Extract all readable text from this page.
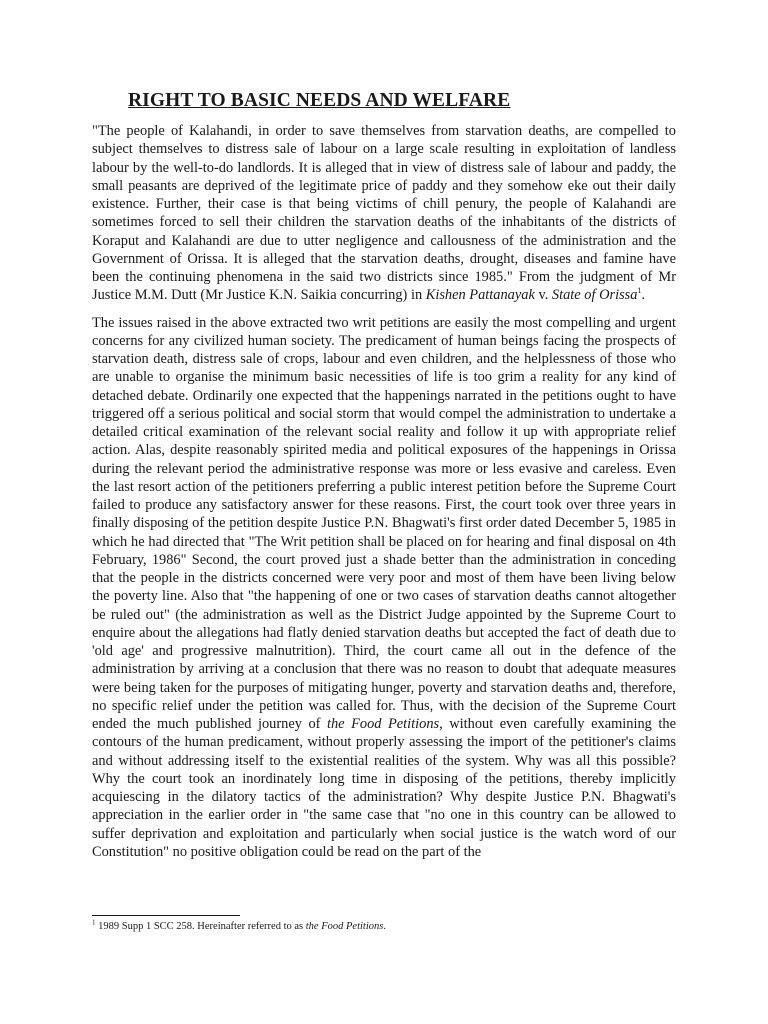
RIGHT TO BASIC NEEDS AND WELFARE

"The people of Kalahandi, in order to save themselves from starvation deaths, are compelled to subject themselves to distress sale of labour on a large scale resulting in exploitation of landless labour by the well-to-do landlords. It is alleged that in view of distress sale of labour and paddy, the small peasants are deprived of the legitimate price of paddy and they somehow eke out their daily existence. Further, their case is that being victims of chill penury, the people of Kalahandi are sometimes forced to sell their children the starvation deaths of the inhabitants of the districts of Koraput and Kalahandi are due to utter negligence and callousness of the administration and the Government of Orissa. It is alleged that the starvation deaths, drought, diseases and famine have been the continuing phenomena in the said two districts since 1985." From the judgment of Mr Justice M.M. Dutt (Mr Justice K.N. Saikia concurring) in Kishen Pattanayak v. State of Orissa$^1$.

The issues raised in the above extracted two writ petitions are easily the most compelling and urgent concerns for any civilized human society. The predicament of human beings facing the prospects of starvation death, distress sale of crops, labour and even children, and the helplessness of those who are unable to organise the minimum basic necessities of life is too grim a reality for any kind of detached debate. Ordinarily one expected that the happenings narrated in the petitions ought to have triggered off a serious political and social storm that would compel the administration to undertake a detailed critical examination of the relevant social reality and follow it up with appropriate relief action. Alas, despite reasonably spirited media and political exposures of the happenings in Orissa during the relevant period the administrative response was more or less evasive and careless. Even the last resort action of the petitioners preferring a public interest petition before the Supreme Court failed to produce any satisfactory answer for these reasons. First, the court took over three years in finally disposing of the petition despite Justice P.N. Bhagwati's first order dated December 5, 1985 in which he had directed that "The Writ petition shall be placed on for hearing and final disposal on 4th February, 1986" Second, the court proved just a shade better than the administration in conceding that the people in the districts concerned were very poor and most of them have been living below the poverty line. Also that "the happening of one or two cases of starvation deaths cannot altogether be ruled out" (the administration as well as the District Judge appointed by the Supreme Court to enquire about the allegations had flatly denied starvation deaths but accepted the fact of death due to 'old age' and progressive malnutrition). Third, the court came all out in the defence of the administration by arriving at a conclusion that there was no reason to doubt that adequate measures were being taken for the purposes of mitigating hunger, poverty and starvation deaths and, therefore, no specific relief under the petition was called for. Thus, with the decision of the Supreme Court ended the much published journey of the Food Petitions, without even carefully examining the contours of the human predicament, without properly assessing the import of the petitioner's claims and without addressing itself to the existential realities of the system. Why was all this possible? Why the court took an inordinately long time in disposing of the petitions, thereby implicitly acquiescing in the dilatory tactics of the administration? Why despite Justice P.N. Bhagwati's appreciation in the earlier order in "the same case that "no one in this country can be allowed to suffer deprivation and exploitation and particularly when social justice is the watch word of our Constitution" no positive obligation could be read on the part of the

$^1$ 1989 Supp 1 SCC 258. Hereinafter referred to as the Food Petitions.
